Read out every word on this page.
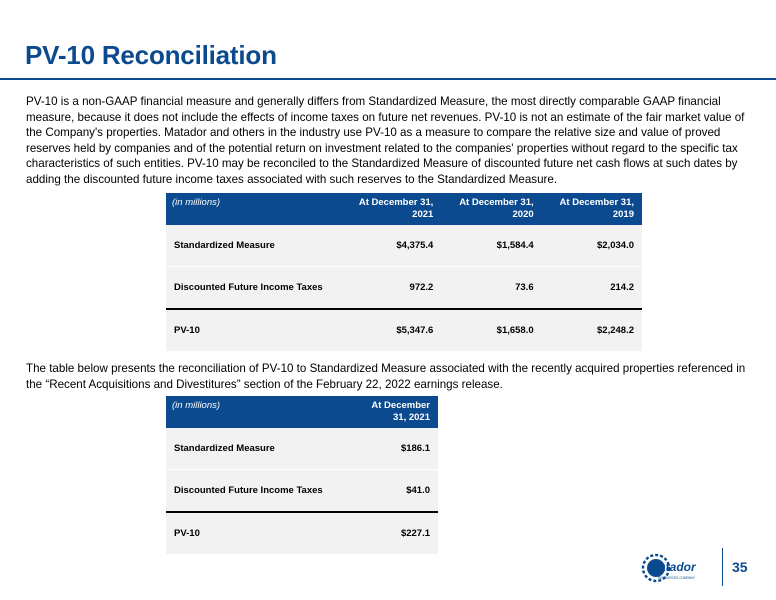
PV-10 Reconciliation
PV-10 is a non-GAAP financial measure and generally differs from Standardized Measure, the most directly comparable GAAP financial measure, because it does not include the effects of income taxes on future net revenues. PV-10 is not an estimate of the fair market value of the Company's properties. Matador and others in the industry use PV-10 as a measure to compare the relative size and value of proved reserves held by companies and of the potential return on investment related to the companies' properties without regard to the specific tax characteristics of such entities. PV-10 may be reconciled to the Standardized Measure of discounted future net cash flows at such dates by adding the discounted future income taxes associated with such reserves to the Standardized Measure.
(in millions)	At December 31, 2021	At December 31, 2020	At December 31, 2019
Standardized Measure	$4,375.4	$1,584.4	$2,034.0
Discounted Future Income Taxes	972.2	73.6	214.2
PV-10	$5,347.6	$1,658.0	$2,248.2
The table below presents the reconciliation of PV-10 to Standardized Measure associated with the recently acquired properties referenced in the “Recent Acquisitions and Divestitures” section of the February 22, 2022 earnings release.
(in millions)	At December 31, 2021
Standardized Measure	$186.1
Discounted Future Income Taxes	$41.0
PV-10	$227.1
Matador
RESOURCES COMPANY
35
